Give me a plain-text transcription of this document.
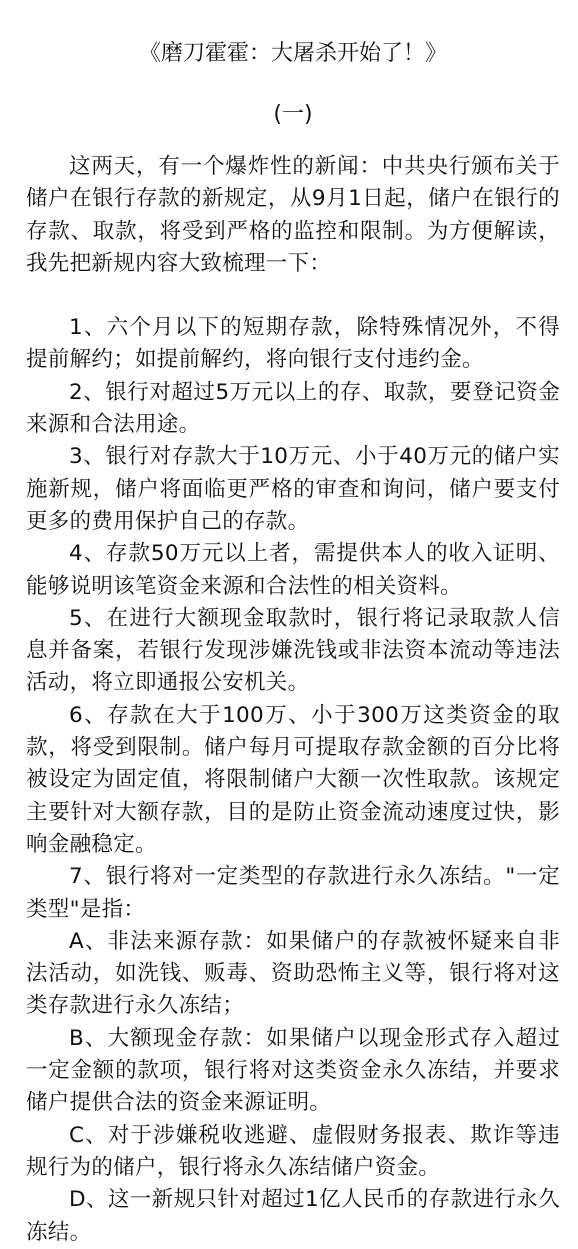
《磨刀霍霍：大屠杀开始了！》
(一)

这两天，有一个爆炸性的新闻：中共央行颁布关于储户在银行存款的新规定，从9月1日起，储户在银行的存款、取款，将受到严格的监控和限制。为方便解读，我先把新规内容大致梳理一下：

1、六个月以下的短期存款，除特殊情况外，不得提前解约；如提前解约，将向银行支付违约金。

2、银行对超过5万元以上的存、取款，要登记资金来源和合法用途。

3、银行对存款大于10万元、小于40万元的储户实施新规，储户将面临更严格的审查和询问，储户要支付更多的费用保护自己的存款。

4、存款50万元以上者，需提供本人的收入证明、能够说明该笔资金来源和合法性的相关资料。

5、在进行大额现金取款时，银行将记录取款人信息并备案，若银行发现涉嫌洗钱或非法资本流动等违法活动，将立即通报公安机关。

6、存款在大于100万、小于300万这类资金的取款，将受到限制。储户每月可提取存款金额的百分比将被设定为固定值，将限制储户大额一次性取款。该规定主要针对大额存款，目的是防止资金流动速度过快，影响金融稳定。

7、银行将对一定类型的存款进行永久冻结。"一定类型"是指：

A、非法来源存款：如果储户的存款被怀疑来自非法活动，如洗钱、贩毒、资助恐怖主义等，银行将对这类存款进行永久冻结；

B、大额现金存款：如果储户以现金形式存入超过一定金额的款项，银行将对这类资金永久冻结，并要求储户提供合法的资金来源证明。

C、对于涉嫌税收逃避、虚假财务报表、欺诈等违规行为的储户，银行将永久冻结储户资金。

D、这一新规只针对超过1亿人民币的存款进行永久冻结。
